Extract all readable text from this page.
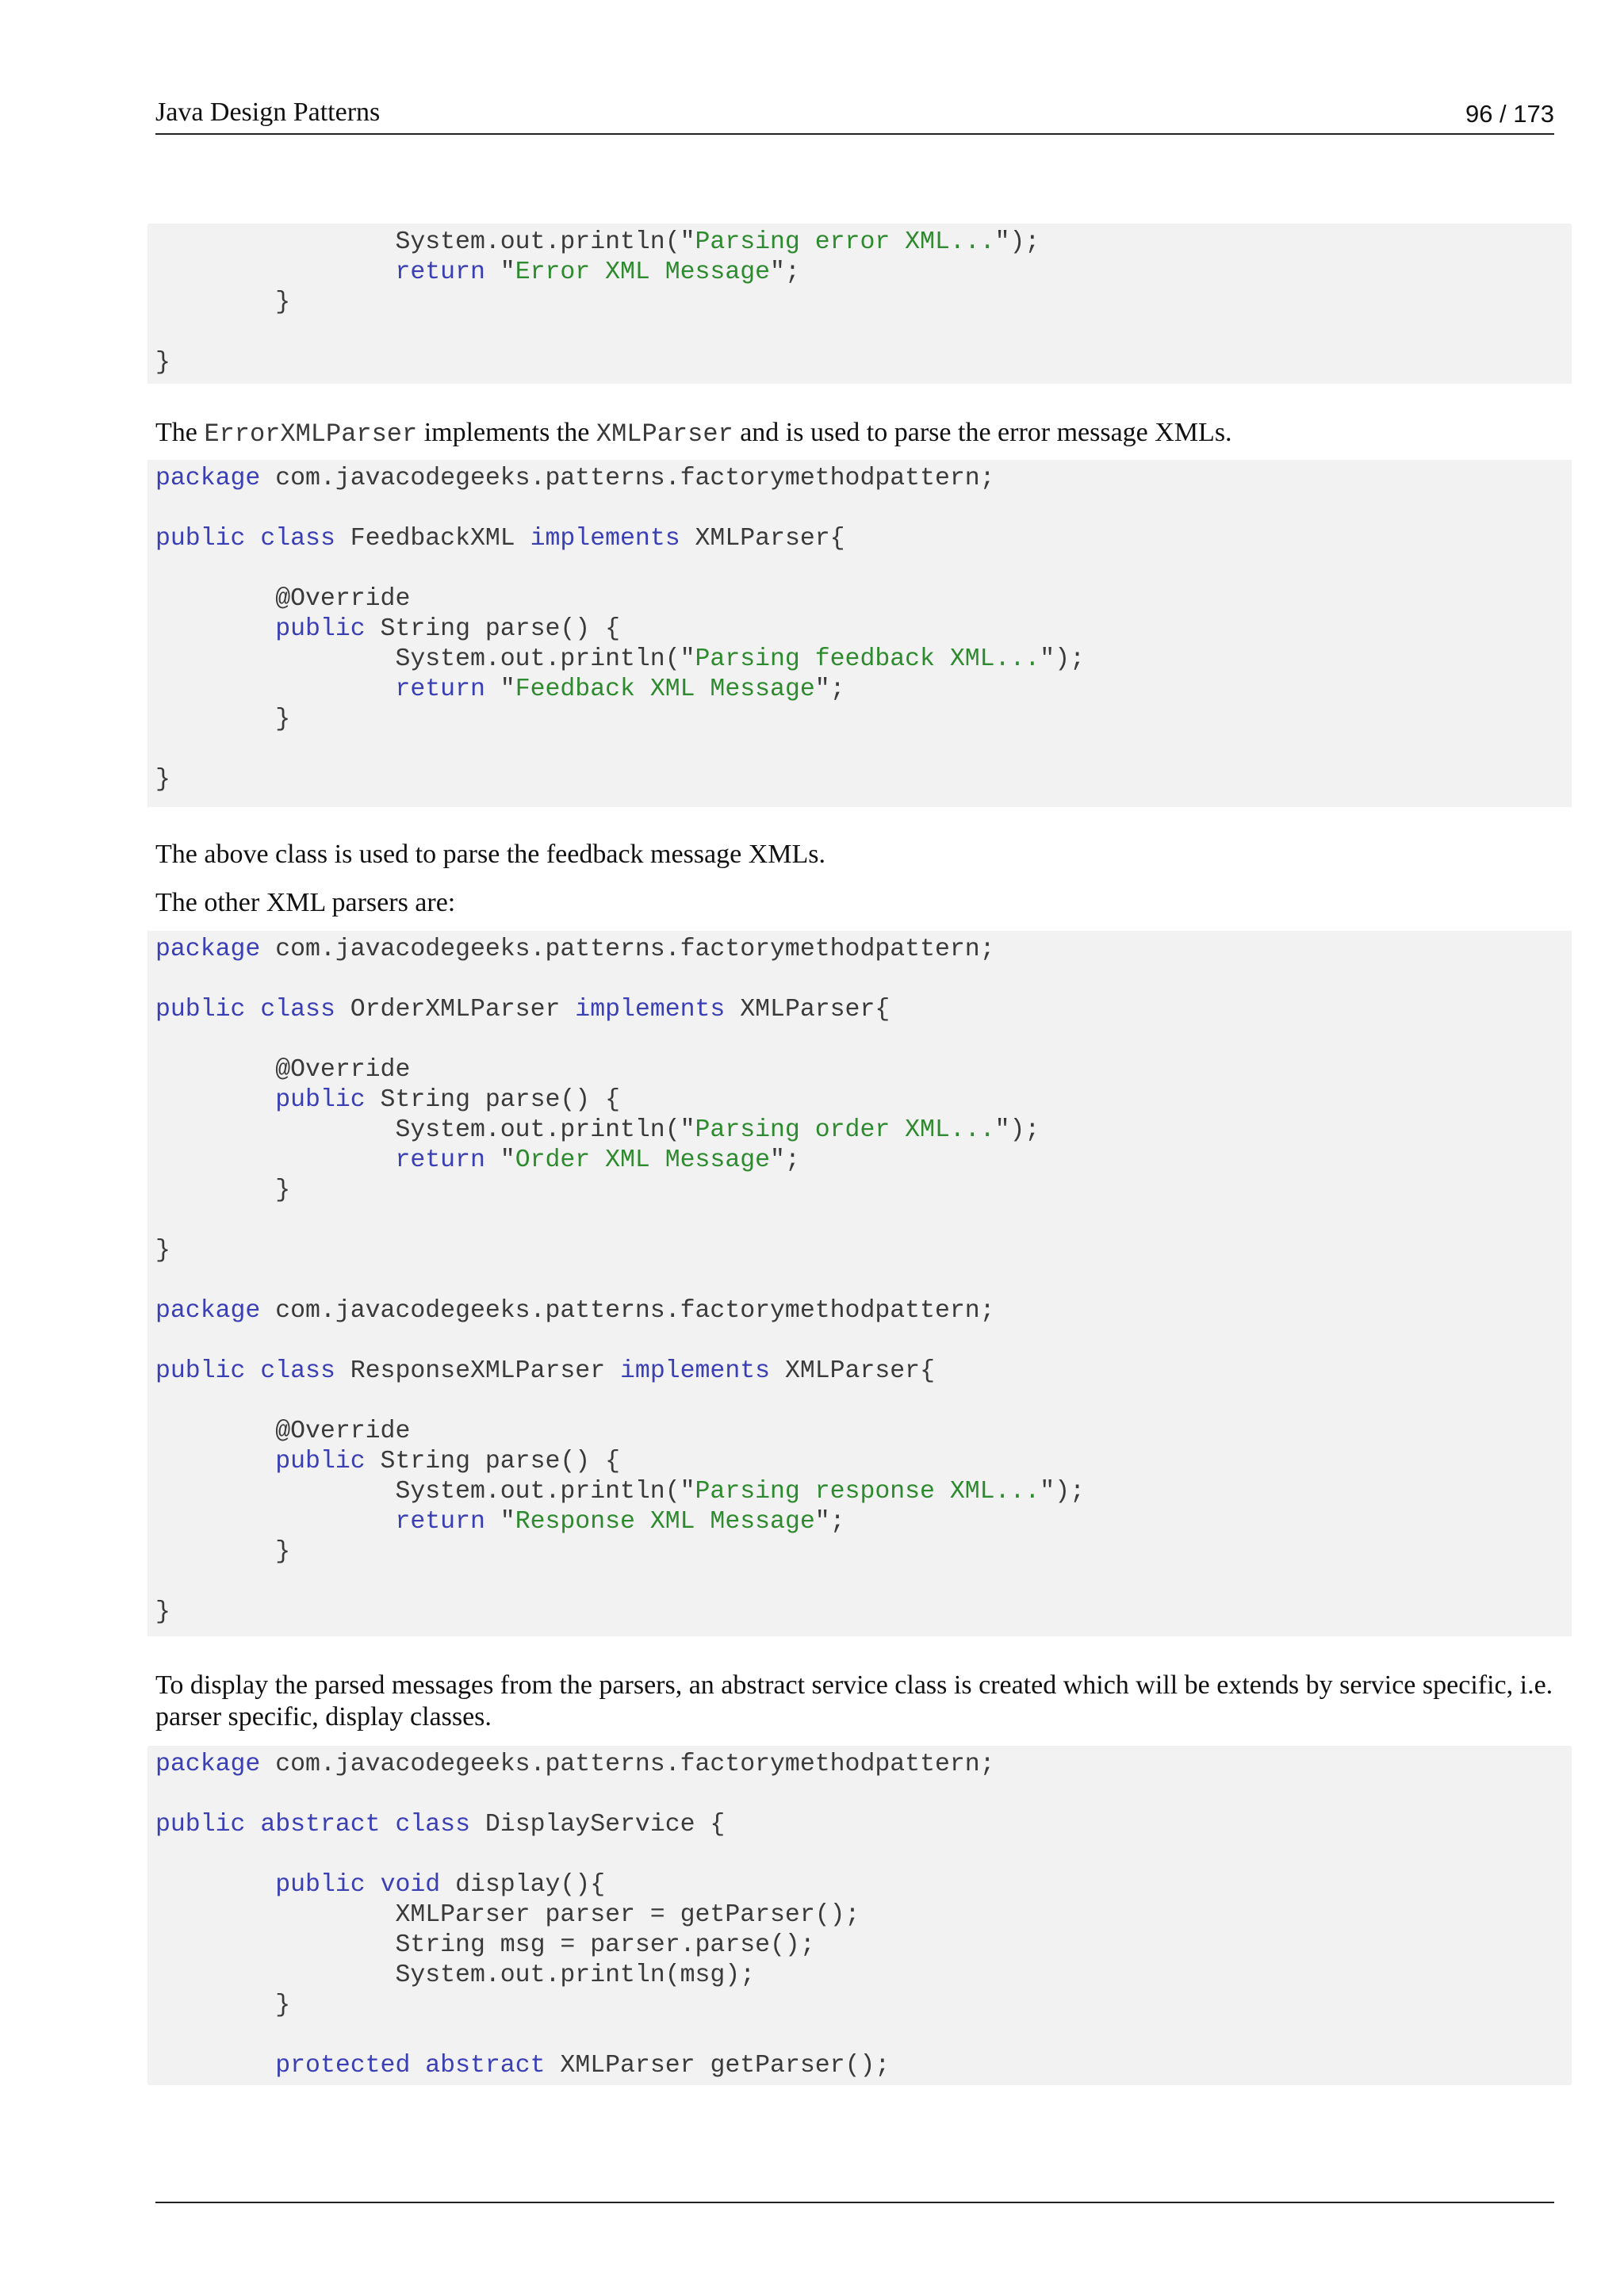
Java Design Patterns	96 / 173
System.out.println("Parsing error XML...");
return "Error XML Message";
}
}
The ErrorXMLParser implements the XMLParser and is used to parse the error message XMLs.
package com.javacodegeeks.patterns.factorymethodpattern;
public class FeedbackXML implements XMLParser{
@Override
public String parse() {
System.out.println("Parsing feedback XML...");
return "Feedback XML Message";
}
}
The above class is used to parse the feedback message XMLs.
The other XML parsers are:
package com.javacodegeeks.patterns.factorymethodpattern;
public class OrderXMLParser implements XMLParser{
@Override
public String parse() {
System.out.println("Parsing order XML...");
return "Order XML Message";
}
}
package com.javacodegeeks.patterns.factorymethodpattern;
public class ResponseXMLParser implements XMLParser{
@Override
public String parse() {
System.out.println("Parsing response XML...");
return "Response XML Message";
}
}
To display the parsed messages from the parsers, an abstract service class is created which will be extends by service specific, i.e. parser specific, display classes.
package com.javacodegeeks.patterns.factorymethodpattern;
public abstract class DisplayService {
public void display(){
XMLParser parser = getParser();
String msg = parser.parse();
System.out.println(msg);
}
protected abstract XMLParser getParser();
